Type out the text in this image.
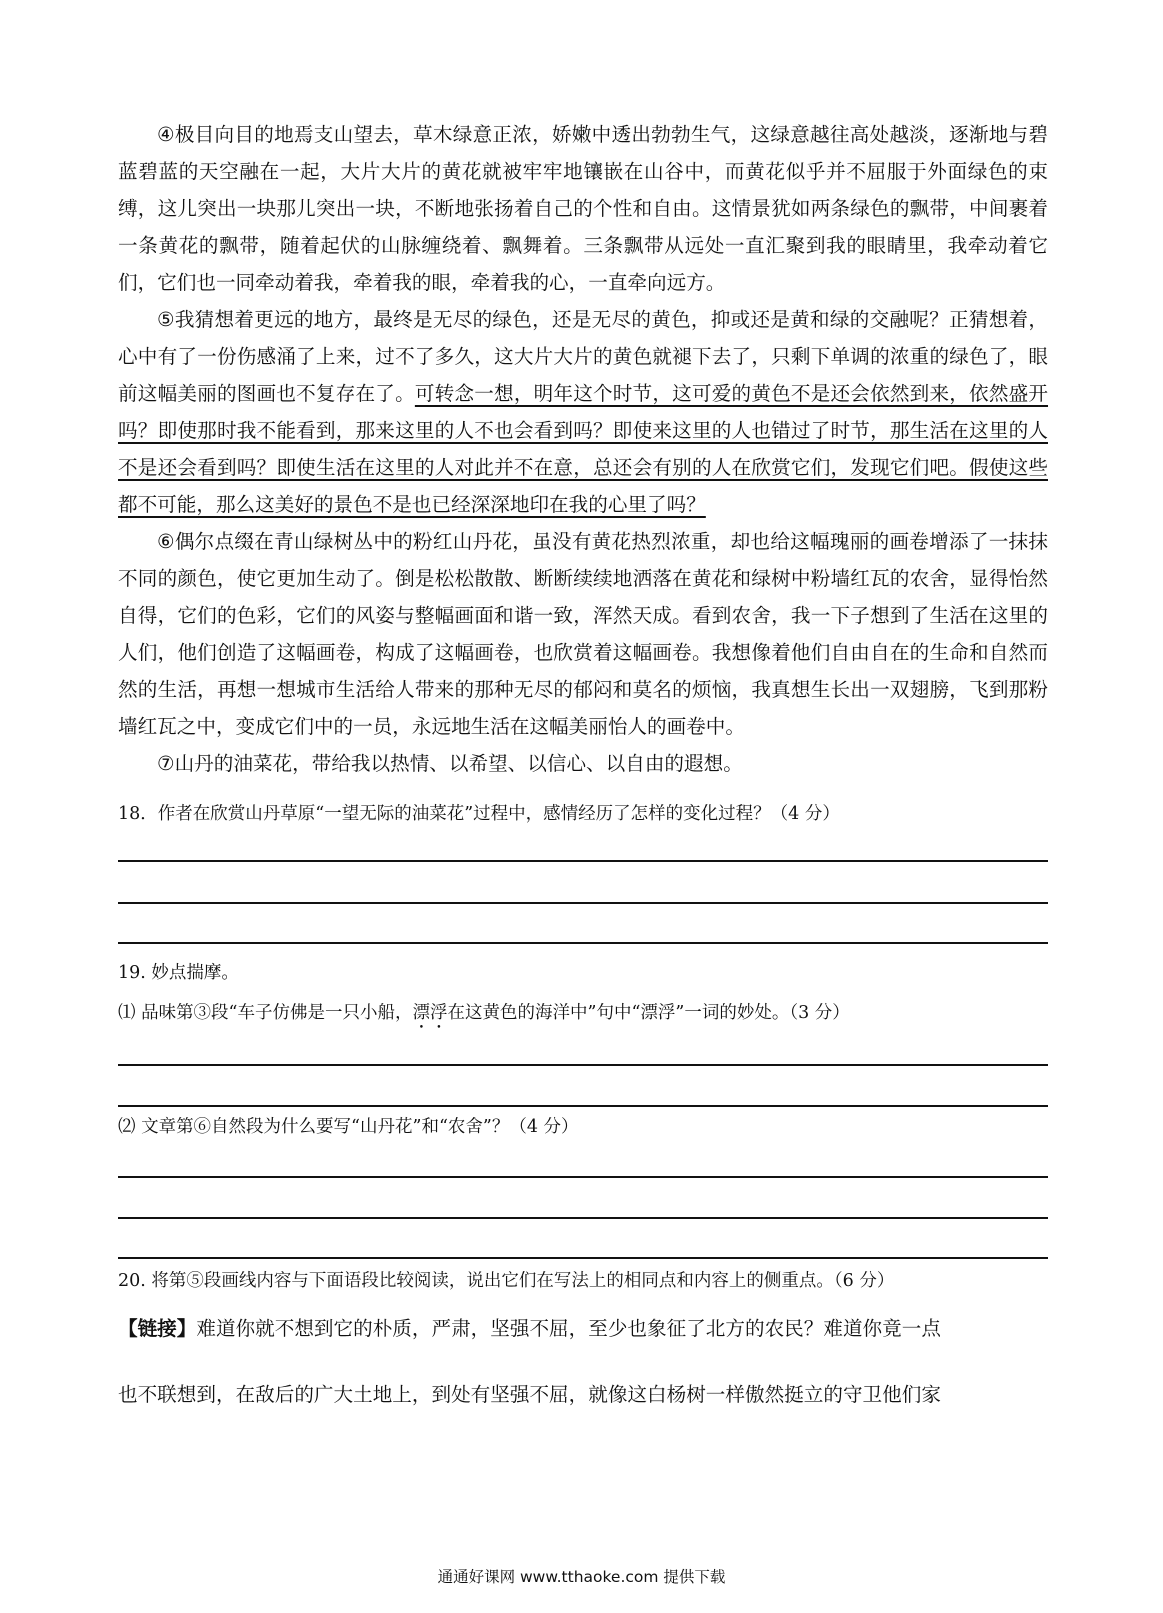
④极目向目的地焉支山望去，草木绿意正浓，娇嫩中透出勃勃生气，这绿意越往高处越淡，逐渐地与碧蓝碧蓝的天空融在一起，大片大片的黄花就被牢牢地镶嵌在山谷中，而黄花似乎并不屈服于外面绿色的束缚，这儿突出一块那儿突出一块，不断地张扬着自己的个性和自由。这情景犹如两条绿色的飘带，中间裹着一条黄花的飘带，随着起伏的山脉缠绕着、飘舞着。三条飘带从远处一直汇聚到我的眼睛里，我牵动着它们，它们也一同牵动着我，牵着我的眼，牵着我的心，一直牵向远方。

⑤我猜想着更远的地方，最终是无尽的绿色，还是无尽的黄色，抑或还是黄和绿的交融呢？正猜想着，心中有了一份伤感涌了上来，过不了多久，这大片大片的黄色就褪下去了，只剩下单调的浓重的绿色了，眼前这幅美丽的图画也不复存在了。可转念一想，明年这个时节，这可爱的黄色不是还会依然到来，依然盛开吗？即使那时我不能看到，那来这里的人不也会看到吗？即使来这里的人也错过了时节，那生活在这里的人不是还会看到吗？即使生活在这里的人对此并不在意，总还会有别的人在欣赏它们，发现它们吧。假使这些都不可能，那么这美好的景色不是也已经深深地印在我的心里了吗？

⑥偶尔点缀在青山绿树丛中的粉红山丹花，虽没有黄花热烈浓重，却也给这幅瑰丽的画卷增添了一抹抹不同的颜色，使它更加生动了。倒是松松散散、断断续续地洒落在黄花和绿树中粉墙红瓦的农舍，显得怡然自得，它们的色彩，它们的风姿与整幅画面和谐一致，浑然天成。看到农舍，我一下子想到了生活在这里的人们，他们创造了这幅画卷，构成了这幅画卷，也欣赏着这幅画卷。我想像着他们自由自在的生命和自然而然的生活，再想一想城市生活给人带来的那种无尽的郁闷和莫名的烦恼，我真想生长出一双翅膀，飞到那粉墙红瓦之中，变成它们中的一员，永远地生活在这幅美丽怡人的画卷中。

⑦山丹的油菜花，带给我以热情、以希望、以信心、以自由的遐想。

18．作者在欣赏山丹草原“一望无际的油菜花”过程中，感情经历了怎样的变化过程？（4 分）
19. 妙点揣摩。
⑴ 品味第③段“车子仿佛是一只小船，漂浮在这黄色的海洋中”句中“漂浮”一词的妙处。（3 分）
⑵ 文章第⑥自然段为什么要写“山丹花”和“农舍”？（4 分）
20. 将第⑤段画线内容与下面语段比较阅读，说出它们在写法上的相同点和内容上的侧重点。（6 分）
【链接】难道你就不想到它的朴质，严肃，坚强不屈，至少也象征了北方的农民？难道你竟一点
也不联想到，在敌后的广大土地上，到处有坚强不屈，就像这白杨树一样傲然挺立的守卫他们家
通通好课网 www.tthaoke.com 提供下载
